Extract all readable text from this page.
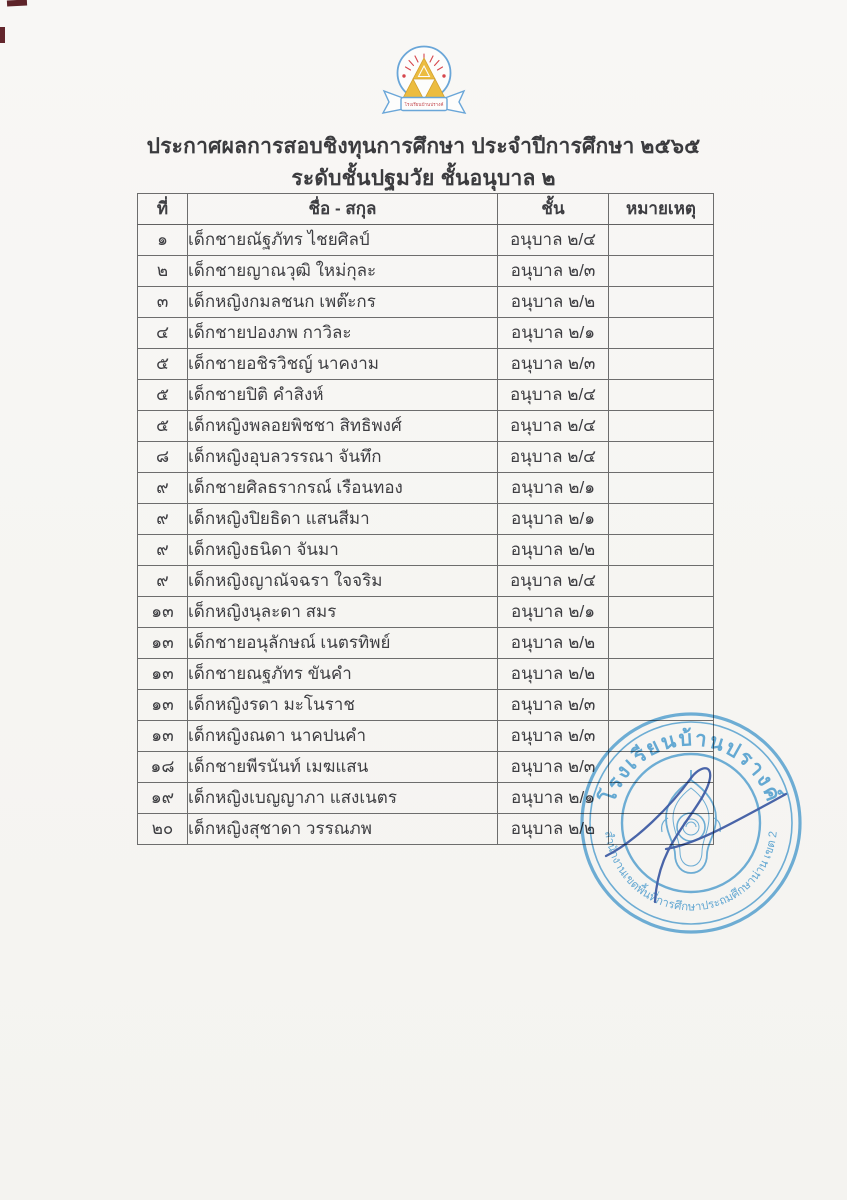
โรงเรียนบ้านปรางค์
ประกาศผลการสอบชิงทุนการศึกษา ประจำปีการศึกษา ๒๕๖๕
ระดับชั้นปฐมวัย ชั้นอนุบาล ๒
ที่	ชื่อ - สกุล	ชั้น	หมายเหตุ
๑	เด็กชายณัฐภัทร ไชยศิลป์	อนุบาล ๒/๔	
๒	เด็กชายญาณวุฒิ ใหม่กุละ	อนุบาล ๒/๓	
๓	เด็กหญิงกมลชนก เพต๊ะกร	อนุบาล ๒/๒	
๔	เด็กชายปองภพ กาวิละ	อนุบาล ๒/๑	
๕	เด็กชายอชิรวิชญ์ นาคงาม	อนุบาล ๒/๓	
๕	เด็กชายปิติ คำสิงห์	อนุบาล ๒/๔	
๕	เด็กหญิงพลอยพิชชา สิทธิพงศ์	อนุบาล ๒/๔	
๘	เด็กหญิงอุบลวรรณา จันทึก	อนุบาล ๒/๔	
๙	เด็กชายศิลธรากรณ์ เรือนทอง	อนุบาล ๒/๑	
๙	เด็กหญิงปิยธิดา แสนสีมา	อนุบาล ๒/๑	
๙	เด็กหญิงธนิดา จันมา	อนุบาล ๒/๒	
๙	เด็กหญิงญาณัจฉรา ใจจริม	อนุบาล ๒/๔	
๑๓	เด็กหญิงนุละดา สมร	อนุบาล ๒/๑	
๑๓	เด็กชายอนุลักษณ์ เนตรทิพย์	อนุบาล ๒/๒	
๑๓	เด็กชายณฐภัทร ขันคำ	อนุบาล ๒/๒	
๑๓	เด็กหญิงรดา มะโนราช	อนุบาล ๒/๓	
๑๓	เด็กหญิงณดา นาคปนคำ	อนุบาล ๒/๓	
๑๘	เด็กชายพีรนันท์ เมฆแสน	อนุบาล ๒/๓	
๑๙	เด็กหญิงเบญญาภา แสงเนตร	อนุบาล ๒/๑	
๒๐	เด็กหญิงสุชาดา วรรณภพ	อนุบาล ๒/๒	
โรงเรียนบ้านปรางค์
สำนักงานเขตพื้นที่การศึกษาประถมศึกษาน่าน เขต 2
